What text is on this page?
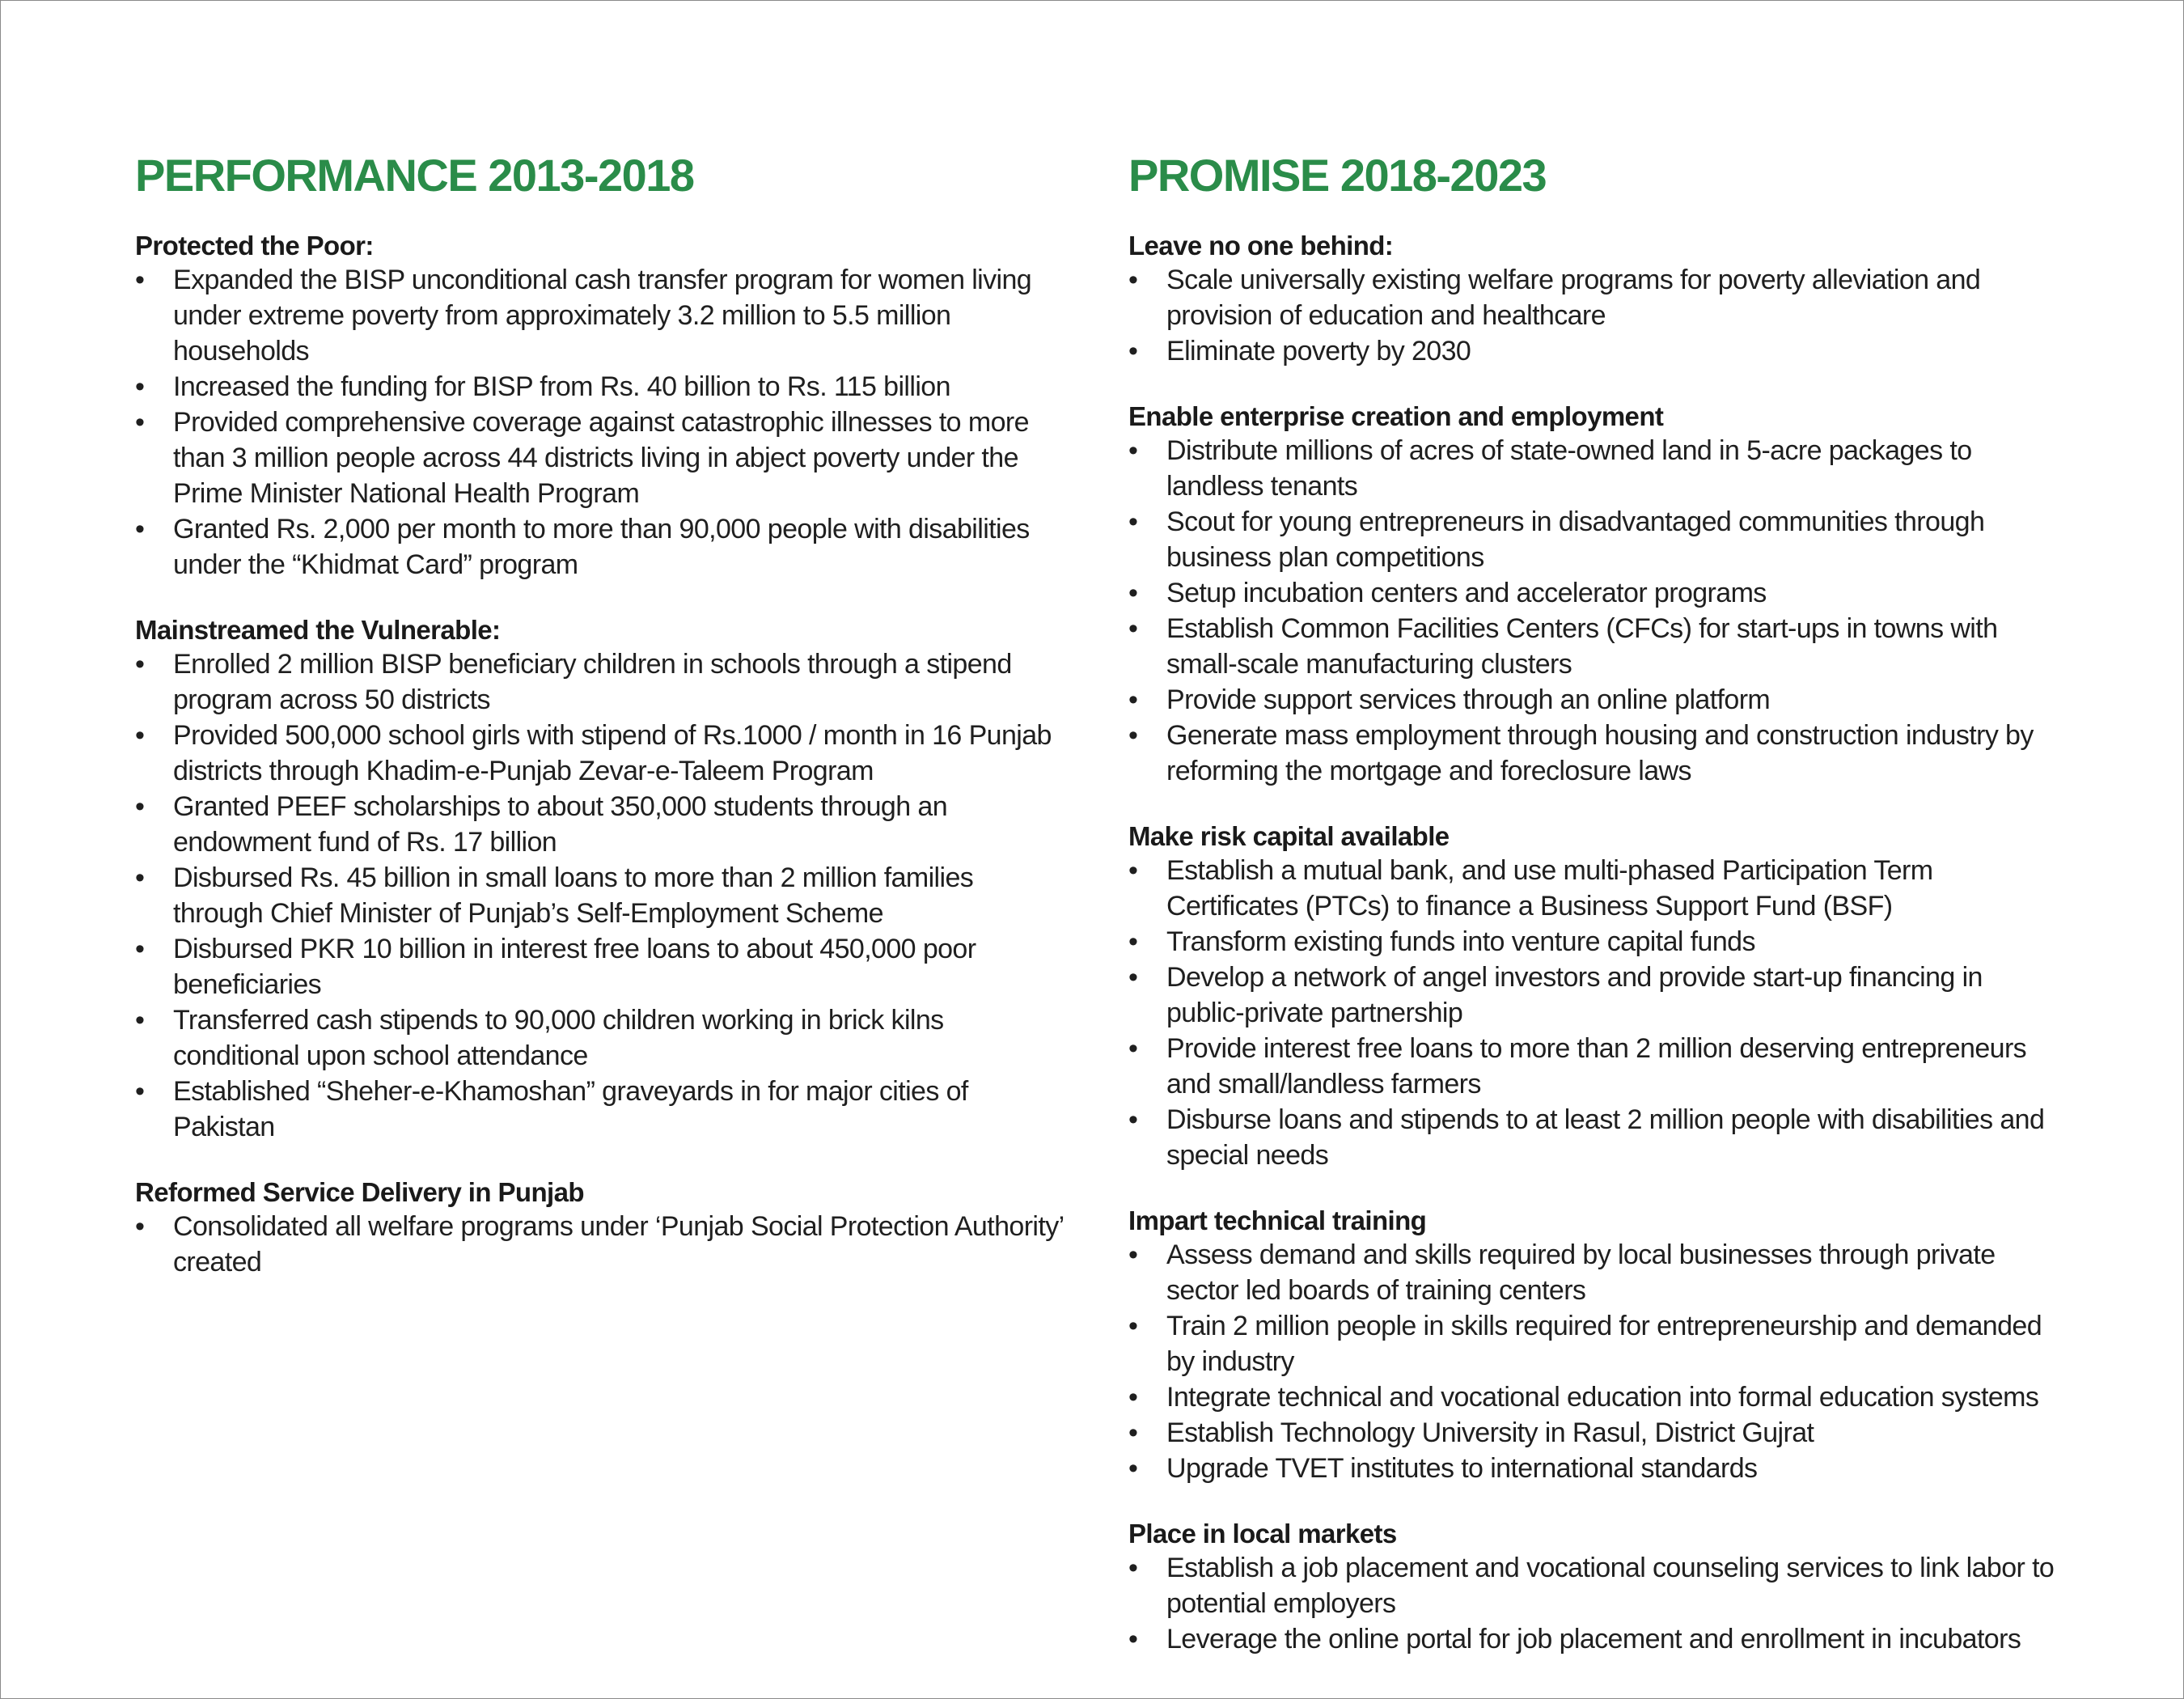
PERFORMANCE 2013-2018
Protected the Poor:
• Expanded the BISP unconditional cash transfer program for women living under extreme poverty from approximately 3.2 million to 5.5 million households
• Increased the funding for BISP from Rs. 40 billion to Rs. 115 billion
• Provided comprehensive coverage against catastrophic illnesses to more than 3 million people across 44 districts living in abject poverty under the Prime Minister National Health Program
• Granted Rs. 2,000 per month to more than 90,000 people with disabilities under the “Khidmat Card” program
Mainstreamed the Vulnerable:
• Enrolled 2 million BISP beneficiary children in schools through a stipend program across 50 districts
• Provided 500,000 school girls with stipend of Rs.1000 / month in 16 Punjab districts through Khadim-e-Punjab Zevar-e-Taleem Program
• Granted PEEF scholarships to about 350,000 students through an endowment fund of Rs. 17 billion
• Disbursed Rs. 45 billion in small loans to more than 2 million families through Chief Minister of Punjab’s Self-Employment Scheme
• Disbursed PKR 10 billion in interest free loans to about 450,000 poor beneficiaries
• Transferred cash stipends to 90,000 children working in brick kilns conditional upon school attendance
• Established “Sheher-e-Khamoshan” graveyards in for major cities of Pakistan
Reformed Service Delivery in Punjab
• Consolidated all welfare programs under ‘Punjab Social Protection Authority’ created
PROMISE 2018-2023
Leave no one behind:
• Scale universally existing welfare programs for poverty alleviation and provision of education and healthcare
• Eliminate poverty by 2030
Enable enterprise creation and employment
• Distribute millions of acres of state-owned land in 5-acre packages to landless tenants
• Scout for young entrepreneurs in disadvantaged communities through business plan competitions
• Setup incubation centers and accelerator programs
• Establish Common Facilities Centers (CFCs) for start-ups in towns with small-scale manufacturing clusters
• Provide support services through an online platform
• Generate mass employment through housing and construction industry by reforming the mortgage and foreclosure laws
Make risk capital available
• Establish a mutual bank, and use multi-phased Participation Term Certificates (PTCs) to finance a Business Support Fund (BSF)
• Transform existing funds into venture capital funds
• Develop a network of angel investors and provide start-up financing in public-private partnership
• Provide interest free loans to more than 2 million deserving entrepreneurs and small/landless farmers
• Disburse loans and stipends to at least 2 million people with disabilities and special needs
Impart technical training
• Assess demand and skills required by local businesses through private sector led boards of training centers
• Train 2 million people in skills required for entrepreneurship and demanded by industry
• Integrate technical and vocational education into formal education systems
• Establish Technology University in Rasul, District Gujrat
• Upgrade TVET institutes to international standards
Place in local markets
• Establish a job placement and vocational counseling services to link labor to potential employers
• Leverage the online portal for job placement and enrollment in incubators
